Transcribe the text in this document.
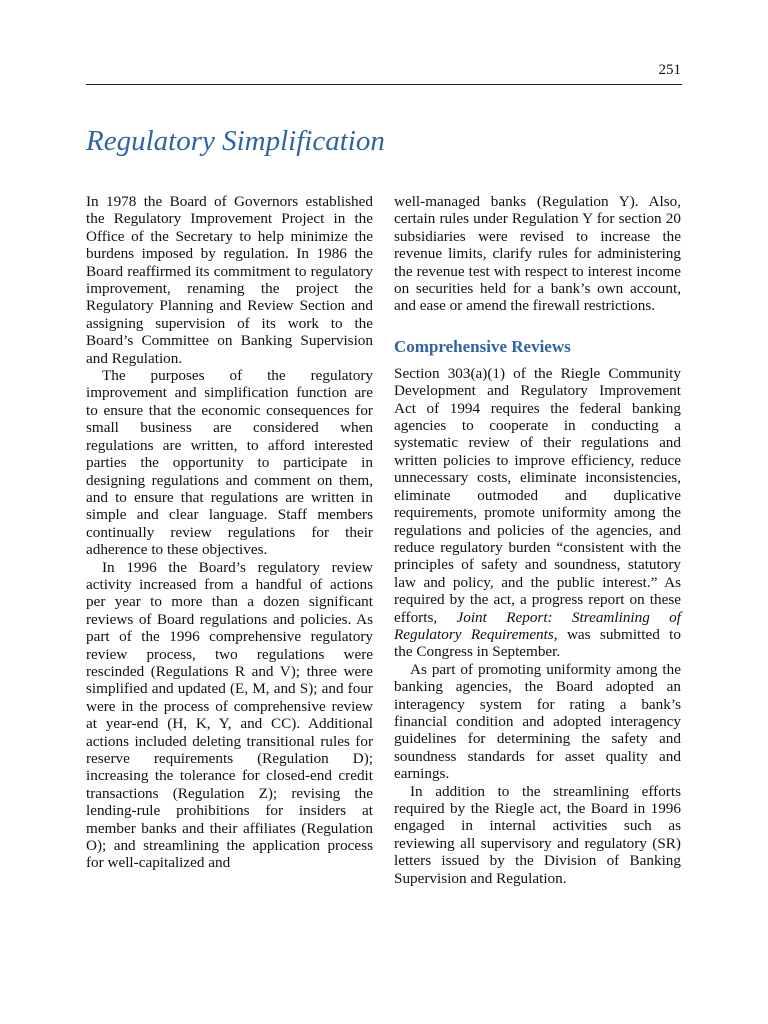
251
Regulatory Simplification

In 1978 the Board of Governors established the Regulatory Improvement Project in the Office of the Secretary to help minimize the burdens imposed by regulation. In 1986 the Board reaffirmed its commitment to regulatory improvement, renaming the project the Regulatory Planning and Review Section and assigning supervision of its work to the Board’s Committee on Banking Supervision and Regulation.

The purposes of the regulatory improvement and simplification function are to ensure that the economic consequences for small business are considered when regulations are written, to afford interested parties the opportunity to participate in designing regulations and comment on them, and to ensure that regulations are written in simple and clear language. Staff members continually review regulations for their adherence to these objectives.

In 1996 the Board’s regulatory review activity increased from a handful of actions per year to more than a dozen significant reviews of Board regulations and policies. As part of the 1996 comprehensive regulatory review process, two regulations were rescinded (Regulations R and V); three were simplified and updated (E, M, and S); and four were in the process of comprehensive review at year-end (H, K, Y, and CC). Additional actions included deleting transitional rules for reserve requirements (Regulation D); increasing the tolerance for closed-end credit transactions (Regulation Z); revising the lending-rule prohibitions for insiders at member banks and their affiliates (Regulation O); and streamlining the application process for well-capitalized and

well-managed banks (Regulation Y). Also, certain rules under Regulation Y for section 20 subsidiaries were revised to increase the revenue limits, clarify rules for administering the revenue test with respect to interest income on securities held for a bank’s own account, and ease or amend the firewall restrictions.

Comprehensive Reviews

Section 303(a)(1) of the Riegle Community Development and Regulatory Improvement Act of 1994 requires the federal banking agencies to cooperate in conducting a systematic review of their regulations and written policies to improve efficiency, reduce unnecessary costs, eliminate inconsistencies, eliminate outmoded and duplicative requirements, promote uniformity among the regulations and policies of the agencies, and reduce regulatory burden “consistent with the principles of safety and soundness, statutory law and policy, and the public interest.” As required by the act, a progress report on these efforts, Joint Report: Streamlining of Regulatory Requirements, was submitted to the Congress in September.

As part of promoting uniformity among the banking agencies, the Board adopted an interagency system for rating a bank’s financial condition and adopted interagency guidelines for determining the safety and soundness standards for asset quality and earnings.

In addition to the streamlining efforts required by the Riegle act, the Board in 1996 engaged in internal activities such as reviewing all supervisory and regulatory (SR) letters issued by the Division of Banking Supervision and Regulation.
